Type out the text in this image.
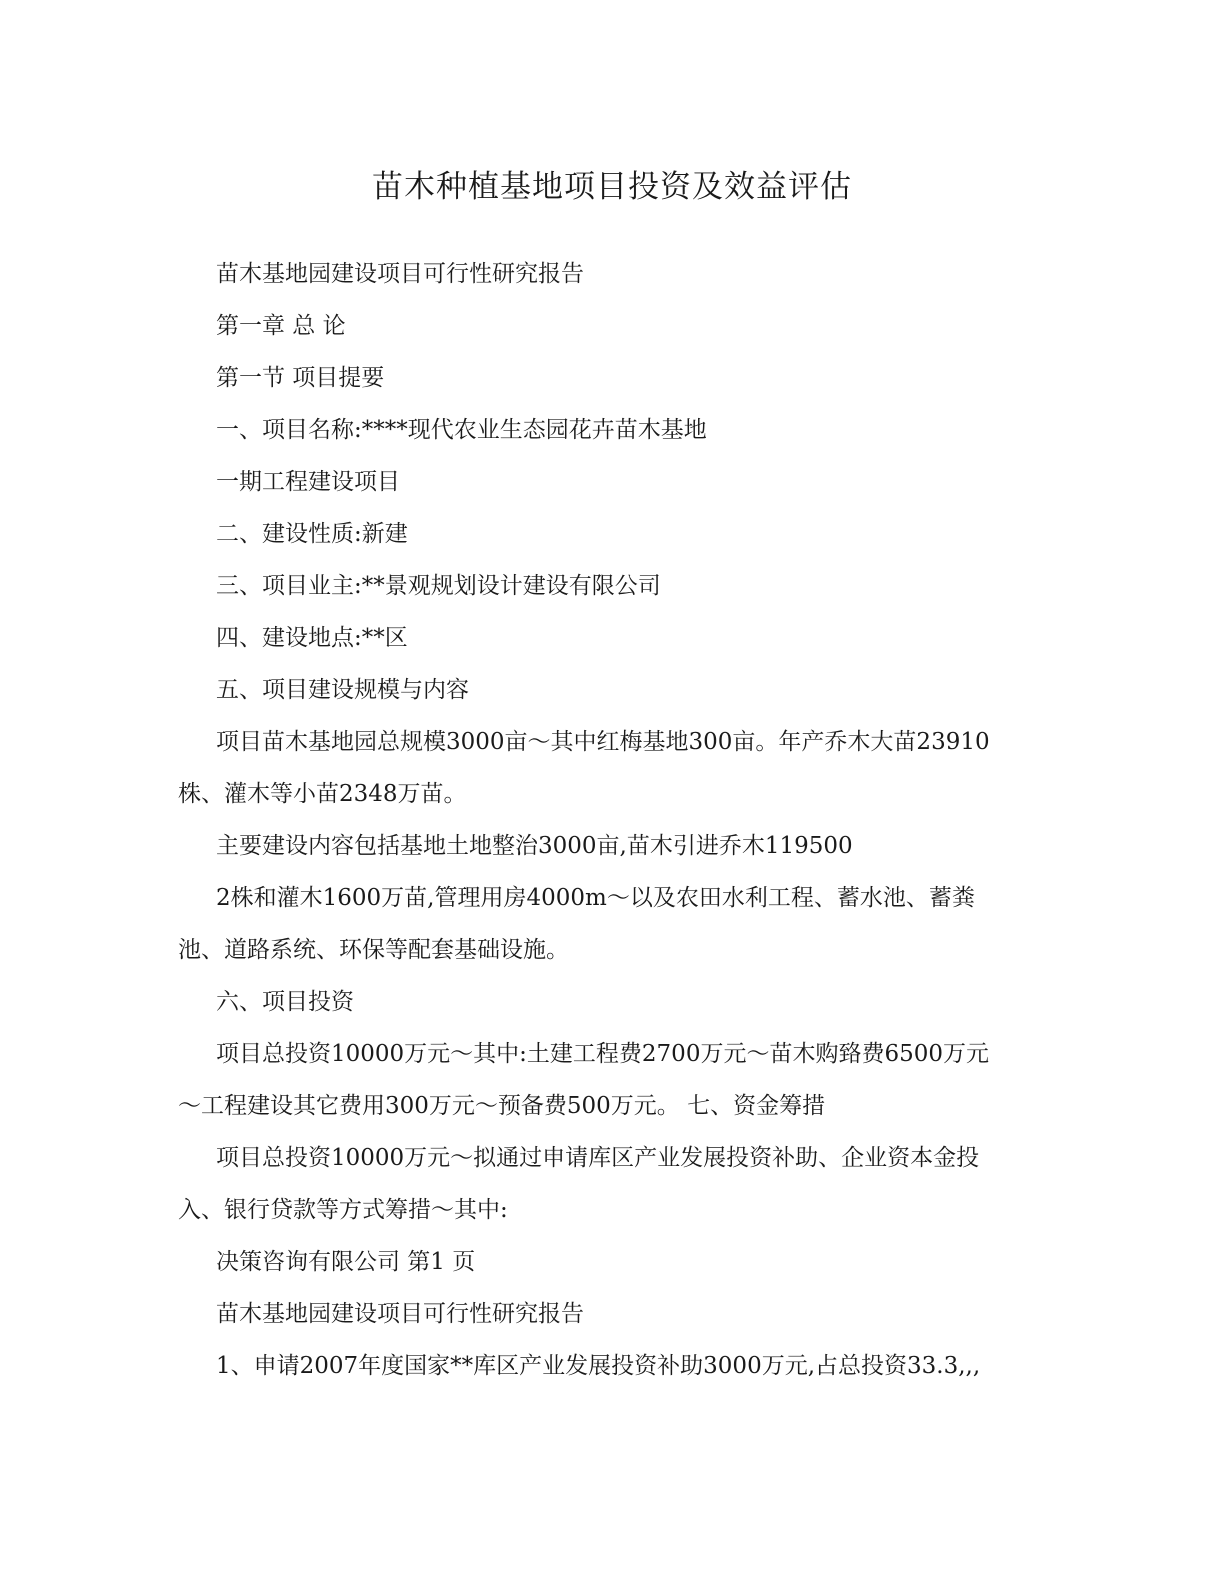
苗木种植基地项目投资及效益评估

苗木基地园建设项目可行性研究报告

第一章 总 论

第一节 项目提要

一、项目名称:****现代农业生态园花卉苗木基地

一期工程建设项目

二、建设性质:新建

三、项目业主:**景观规划设计建设有限公司

四、建设地点:**区

五、项目建设规模与内容

项目苗木基地园总规模3000亩～其中红梅基地300亩。年产乔木大苗23910

株、灌木等小苗2348万苗。

主要建设内容包括基地土地整治3000亩,苗木引进乔木119500

2株和灌木1600万苗,管理用房4000m～以及农田水利工程、蓄水池、蓄粪

池、道路系统、环保等配套基础设施。

六、项目投资

项目总投资10000万元～其中:土建工程费2700万元～苗木购臵费6500万元

～工程建设其它费用300万元～预备费500万元。 七、资金筹措

项目总投资10000万元～拟通过申请库区产业发展投资补助、企业资本金投

入、银行贷款等方式筹措～其中:

决策咨询有限公司 第1 页

苗木基地园建设项目可行性研究报告

1、申请2007年度国家**库区产业发展投资补助3000万元,占总投资33.3,,,
